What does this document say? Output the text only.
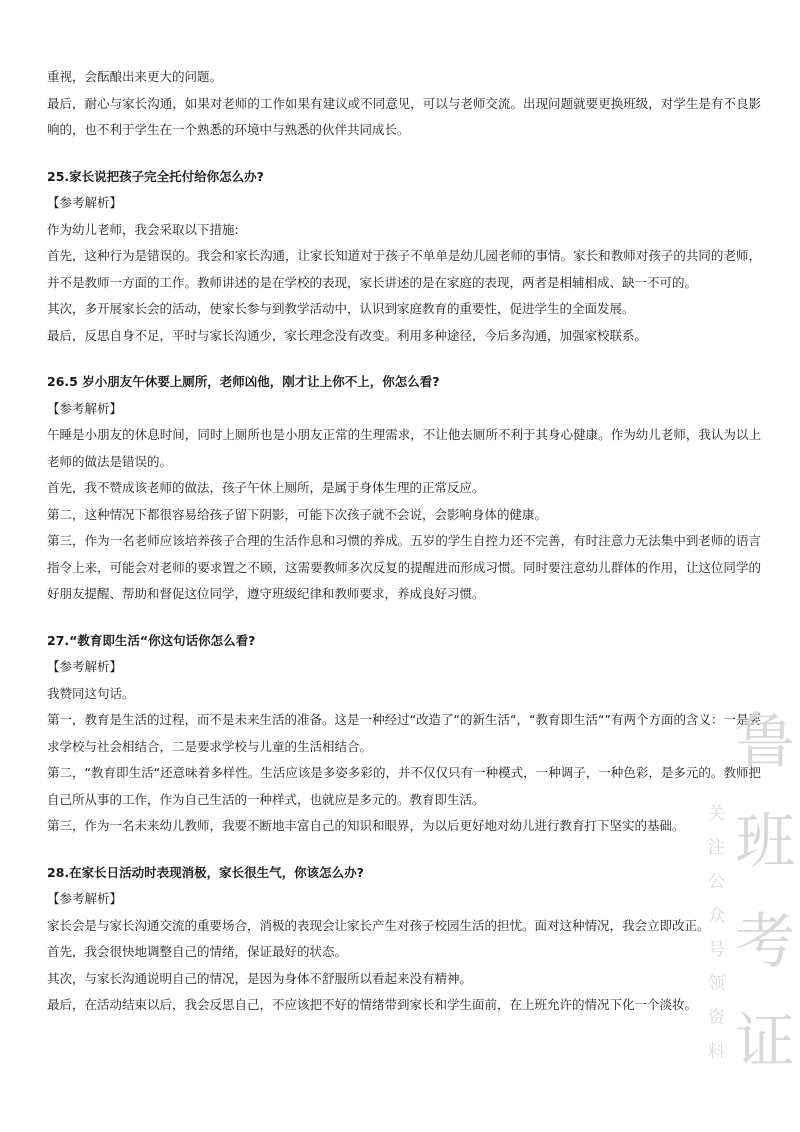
重视，会酝酿出来更大的问题。

最后，耐心与家长沟通，如果对老师的工作如果有建议或不同意见，可以与老师交流。出现问题就要更换班级，对学生是有不良影响的，也不利于学生在一个熟悉的环境中与熟悉的伙伴共同成长。

25.家长说把孩子完全托付给你怎么办?

【参考解析】

作为幼儿老师，我会采取以下措施:

首先，这种行为是错误的。我会和家长沟通，让家长知道对于孩子不单单是幼儿园老师的事情。家长和教师对孩子的共同的老师，并不是教师一方面的工作。教师讲述的是在学校的表现，家长讲述的是在家庭的表现，两者是相辅相成、缺一不可的。

其次，多开展家长会的活动，使家长参与到教学活动中，认识到家庭教育的重要性，促进学生的全面发展。

最后，反思自身不足，平时与家长沟通少，家长理念没有改变。利用多种途径，今后多沟通，加强家校联系。

26.5 岁小朋友午休要上厕所，老师凶他，刚才让上你不上，你怎么看?

【参考解析】

午睡是小朋友的休息时间，同时上厕所也是小朋友正常的生理需求，不让他去厕所不利于其身心健康。作为幼儿老师，我认为以上老师的做法是错误的。

首先，我不赞成该老师的做法，孩子午休上厕所，是属于身体生理的正常反应。

第二，这种情况下都很容易给孩子留下阴影，可能下次孩子就不会说，会影响身体的健康。

第三，作为一名老师应该培养孩子合理的生活作息和习惯的养成。五岁的学生自控力还不完善，有时注意力无法集中到老师的语言指令上来，可能会对老师的要求置之不顾，这需要教师多次反复的提醒进而形成习惯。同时要注意幼儿群体的作用，让这位同学的好朋友提醒、帮助和督促这位同学，遵守班级纪律和教师要求，养成良好习惯。

27.“教育即生活“你这句话你怎么看?

【参考解析】

我赞同这句话。

第一，教育是生活的过程，而不是未来生活的准备。这是一种经过“改造了“的新生活“，“教育即生活“”有两个方面的含义：一是要求学校与社会相结合，二是要求学校与儿童的生活相结合。

第二，“教育即生活“还意味着多样性。生活应该是多姿多彩的，并不仅仅只有一种模式，一种调子，一种色彩，是多元的。教师把自己所从事的工作，作为自己生活的一种样式，也就应是多元的。教育即生活。

第三，作为一名未来幼儿教师，我要不断地丰富自己的知识和眼界，为以后更好地对幼儿进行教育打下坚实的基础。

28.在家长日活动时表现消极，家长很生气，你该怎么办?

【参考解析】

家长会是与家长沟通交流的重要场合，消极的表现会让家长产生对孩子校园生活的担忧。面对这种情况，我会立即改正。

首先，我会很快地调整自己的情绪，保证最好的状态。

其次，与家长沟通说明自己的情况，是因为身体不舒服所以看起来没有精神。

最后，在活动结束以后，我会反思自己，不应该把不好的情绪带到家长和学生面前，在上班允许的情况下化一个淡妆。

鲁
班
考
证
关
注
公
众
号
领
资
料
